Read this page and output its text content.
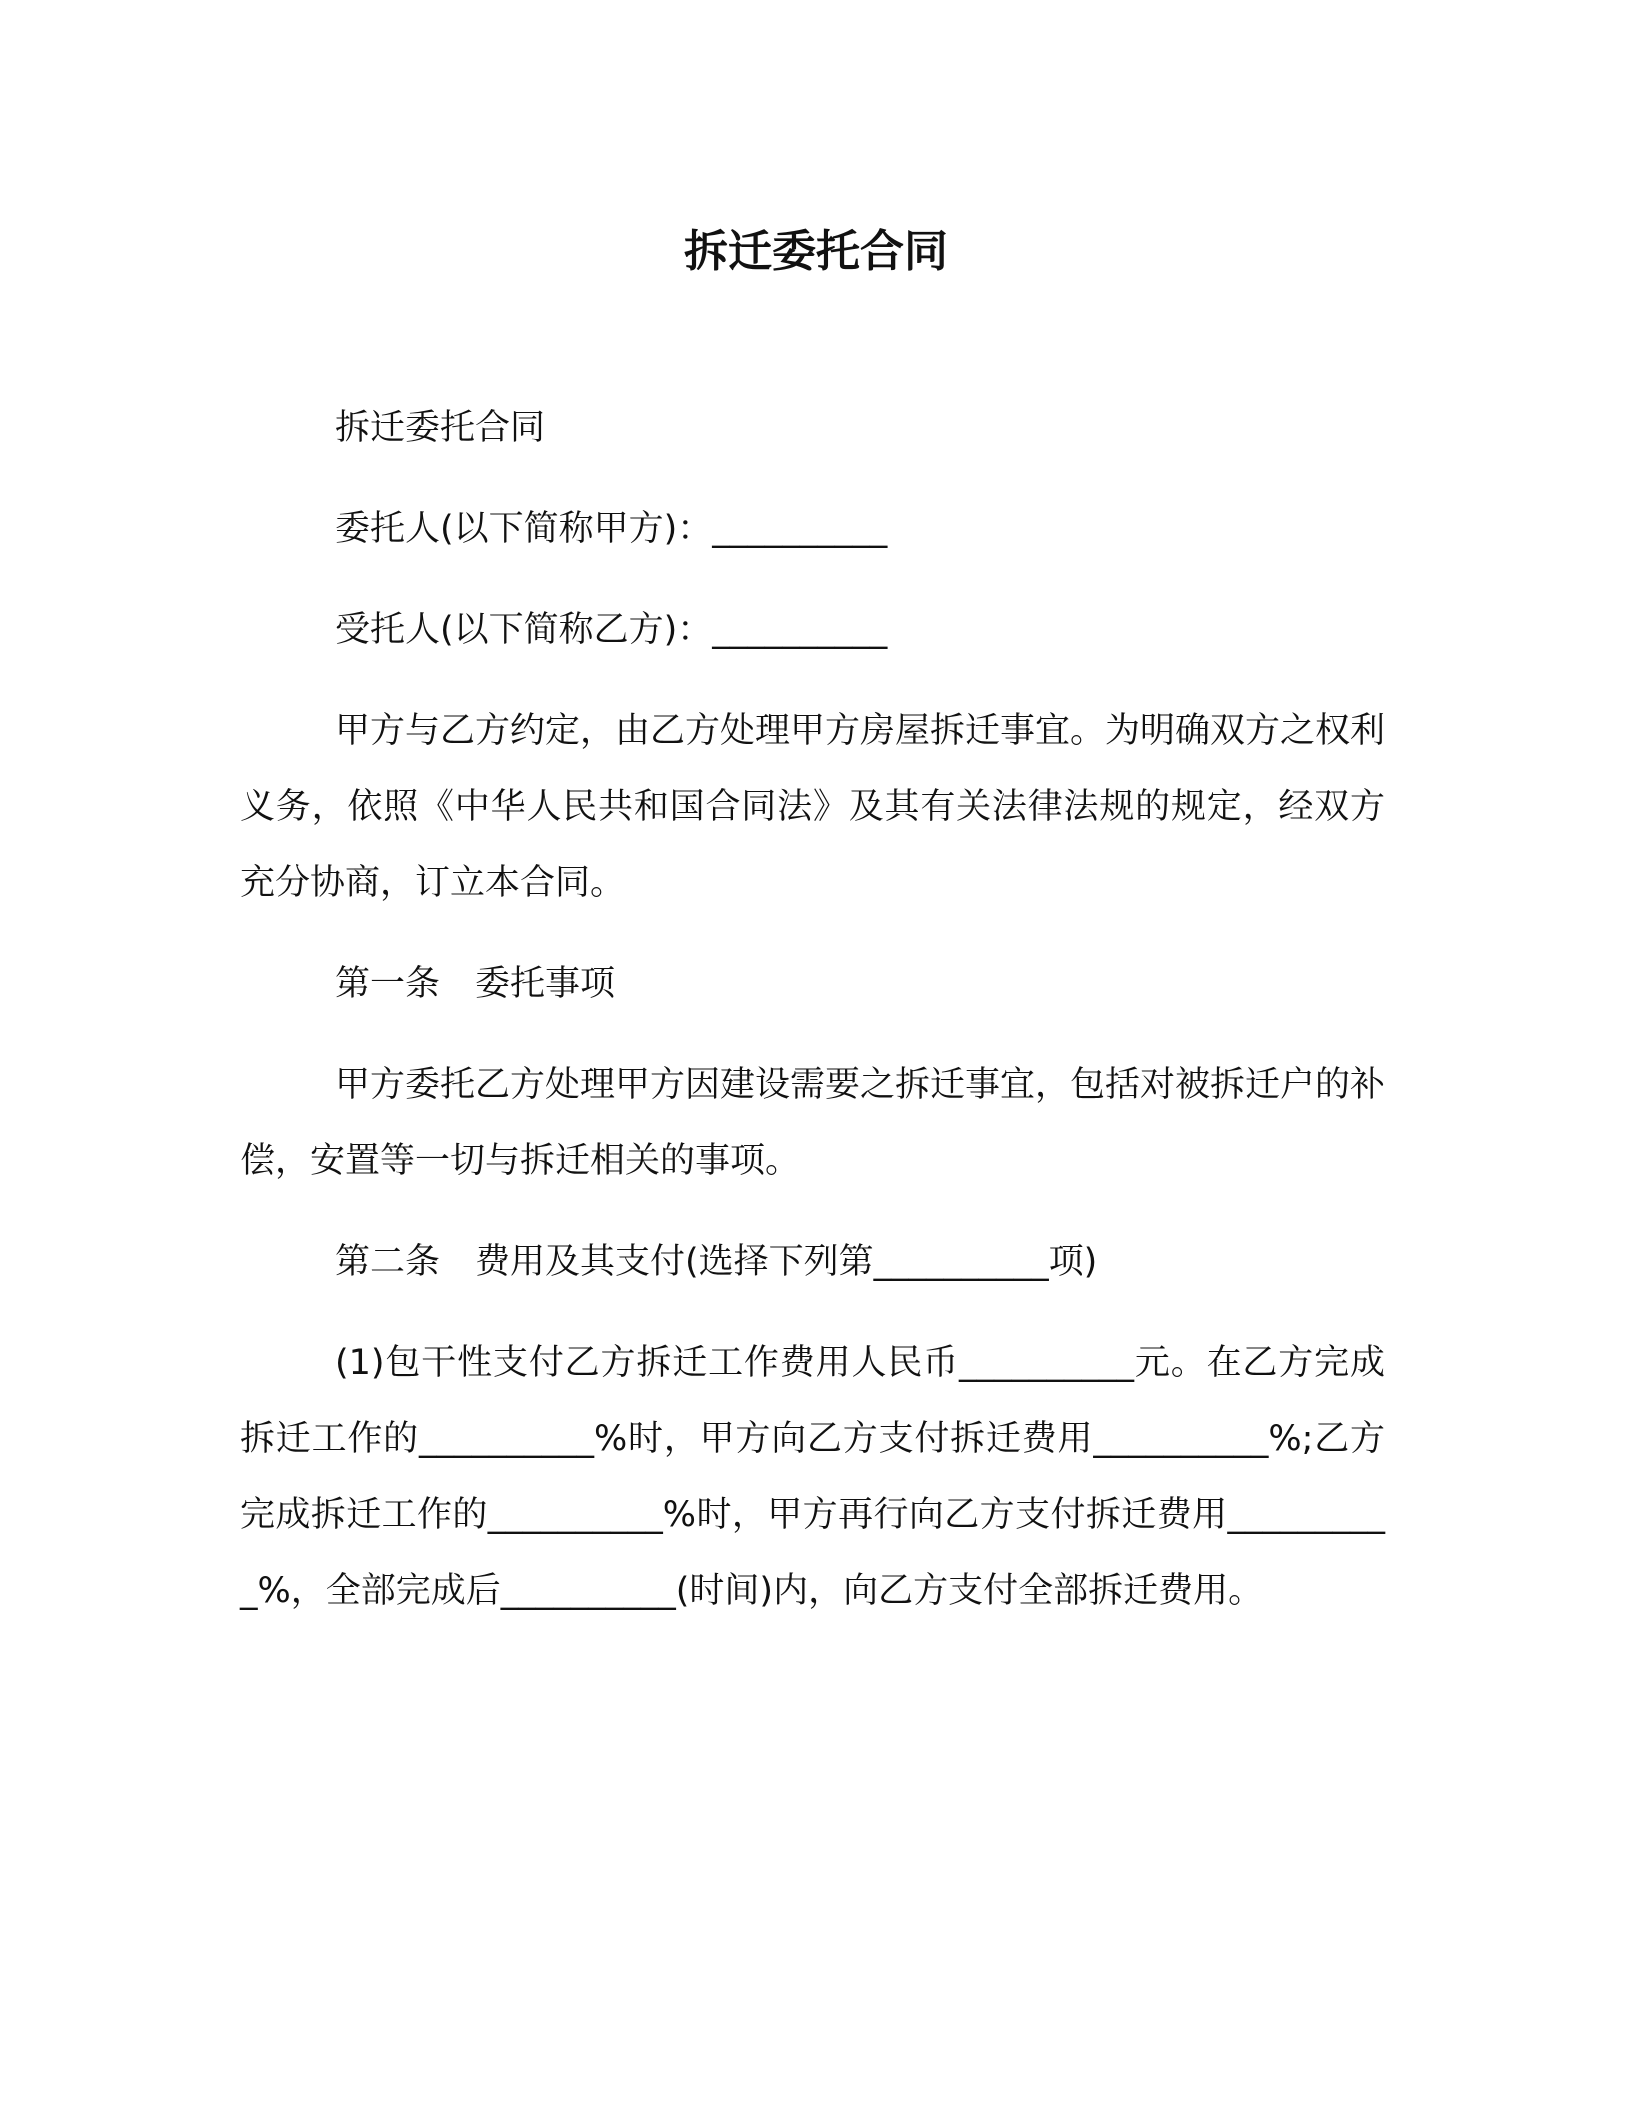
拆迁委托合同

拆迁委托合同

委托人(以下简称甲方)：__________

受托人(以下简称乙方)：__________

甲方与乙方约定，由乙方处理甲方房屋拆迁事宜。为明确双方之权利义务，依照《中华人民共和国合同法》及其有关法律法规的规定，经双方充分协商，订立本合同。

第一条　委托事项

甲方委托乙方处理甲方因建设需要之拆迁事宜，包括对被拆迁户的补偿，安置等一切与拆迁相关的事项。

第二条　费用及其支付(选择下列第__________项)

(1)包干性支付乙方拆迁工作费用人民币__________元。在乙方完成拆迁工作的__________%时，甲方向乙方支付拆迁费用__________%;乙方完成拆迁工作的__________%时，甲方再行向乙方支付拆迁费用__________%，全部完成后__________(时间)内，向乙方支付全部拆迁费用。
